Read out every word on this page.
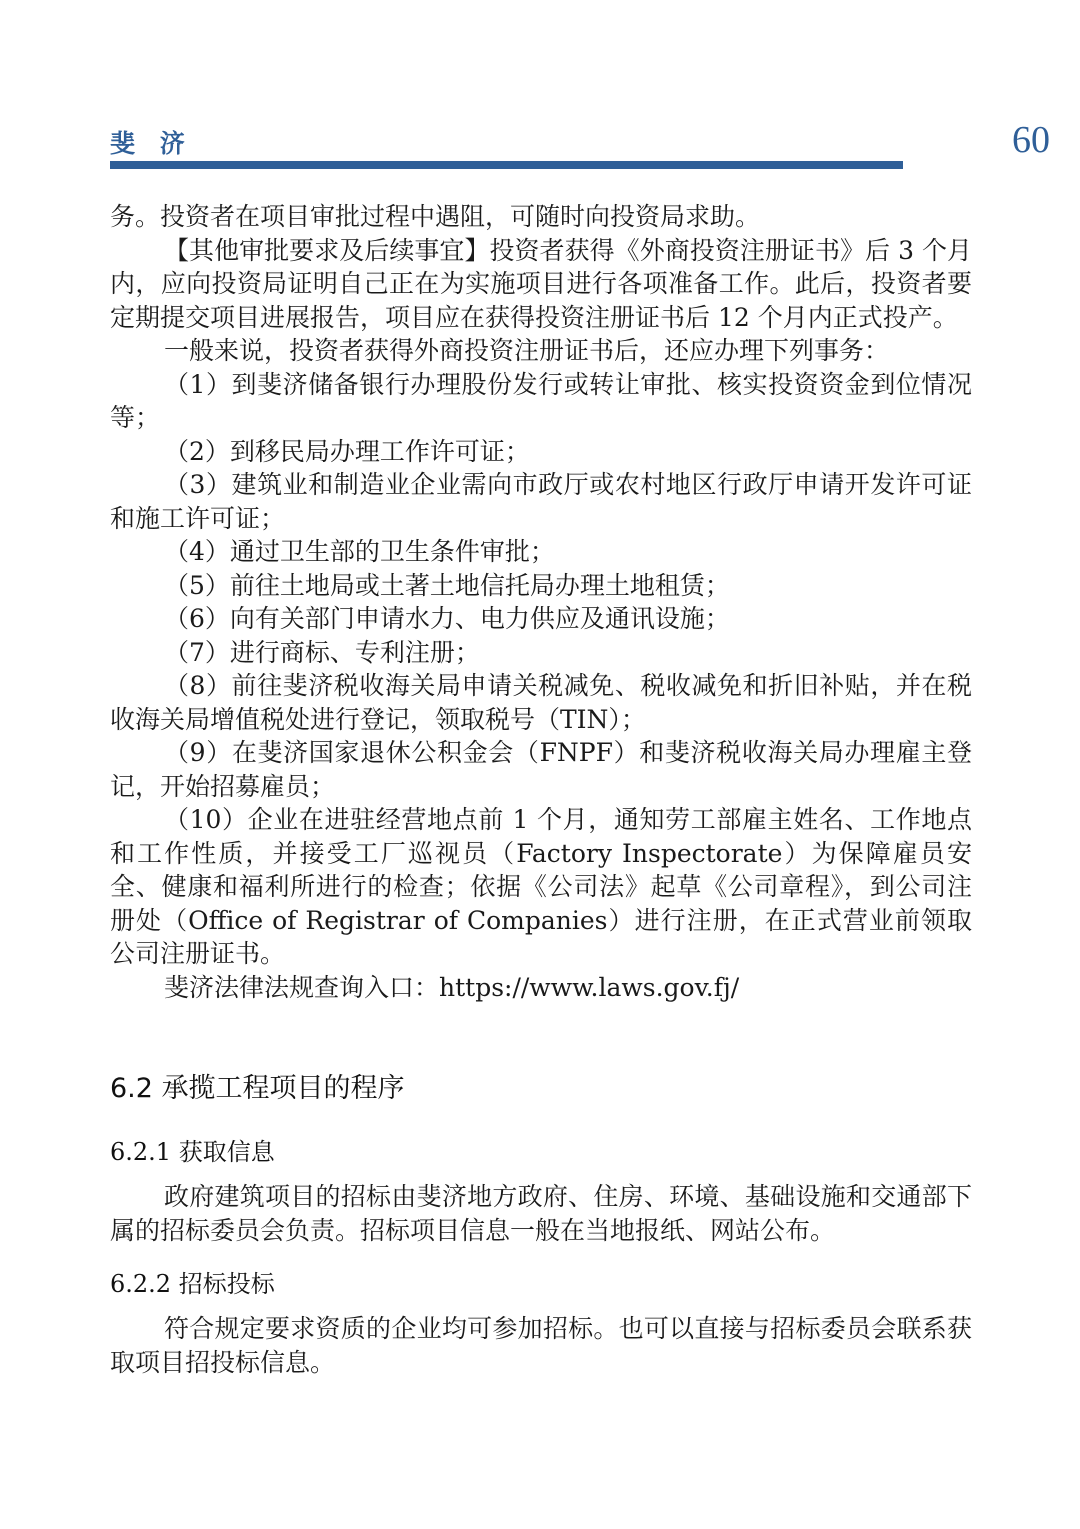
斐 济	60

务。投资者在项目审批过程中遇阻，可随时向投资局求助。

【其他审批要求及后续事宜】投资者获得《外商投资注册证书》后 3 个月内，应向投资局证明自己正在为实施项目进行各项准备工作。此后，投资者要定期提交项目进展报告，项目应在获得投资注册证书后 12 个月内正式投产。

一般来说，投资者获得外商投资注册证书后，还应办理下列事务：

（1）到斐济储备银行办理股份发行或转让审批、核实投资资金到位情况等；

（2）到移民局办理工作许可证；

（3）建筑业和制造业企业需向市政厅或农村地区行政厅申请开发许可证和施工许可证；

（4）通过卫生部的卫生条件审批；

（5）前往土地局或土著土地信托局办理土地租赁；

（6）向有关部门申请水力、电力供应及通讯设施；

（7）进行商标、专利注册；

（8）前往斐济税收海关局申请关税减免、税收减免和折旧补贴，并在税收海关局增值税处进行登记，领取税号（TIN）；

（9）在斐济国家退休公积金会（FNPF）和斐济税收海关局办理雇主登记，开始招募雇员；

（10）企业在进驻经营地点前 1 个月，通知劳工部雇主姓名、工作地点和工作性质，并接受工厂巡视员（Factory Inspectorate）为保障雇员安全、健康和福利所进行的检查；依据《公司法》起草《公司章程》，到公司注册处（Office of Registrar of Companies）进行注册，在正式营业前领取公司注册证书。

斐济法律法规查询入口：https://www.laws.gov.fj/

6.2 承揽工程项目的程序
6.2.1 获取信息

政府建筑项目的招标由斐济地方政府、住房、环境、基础设施和交通部下属的招标委员会负责。招标项目信息一般在当地报纸、网站公布。

6.2.2 招标投标

符合规定要求资质的企业均可参加招标。也可以直接与招标委员会联系获取项目招投标信息。
